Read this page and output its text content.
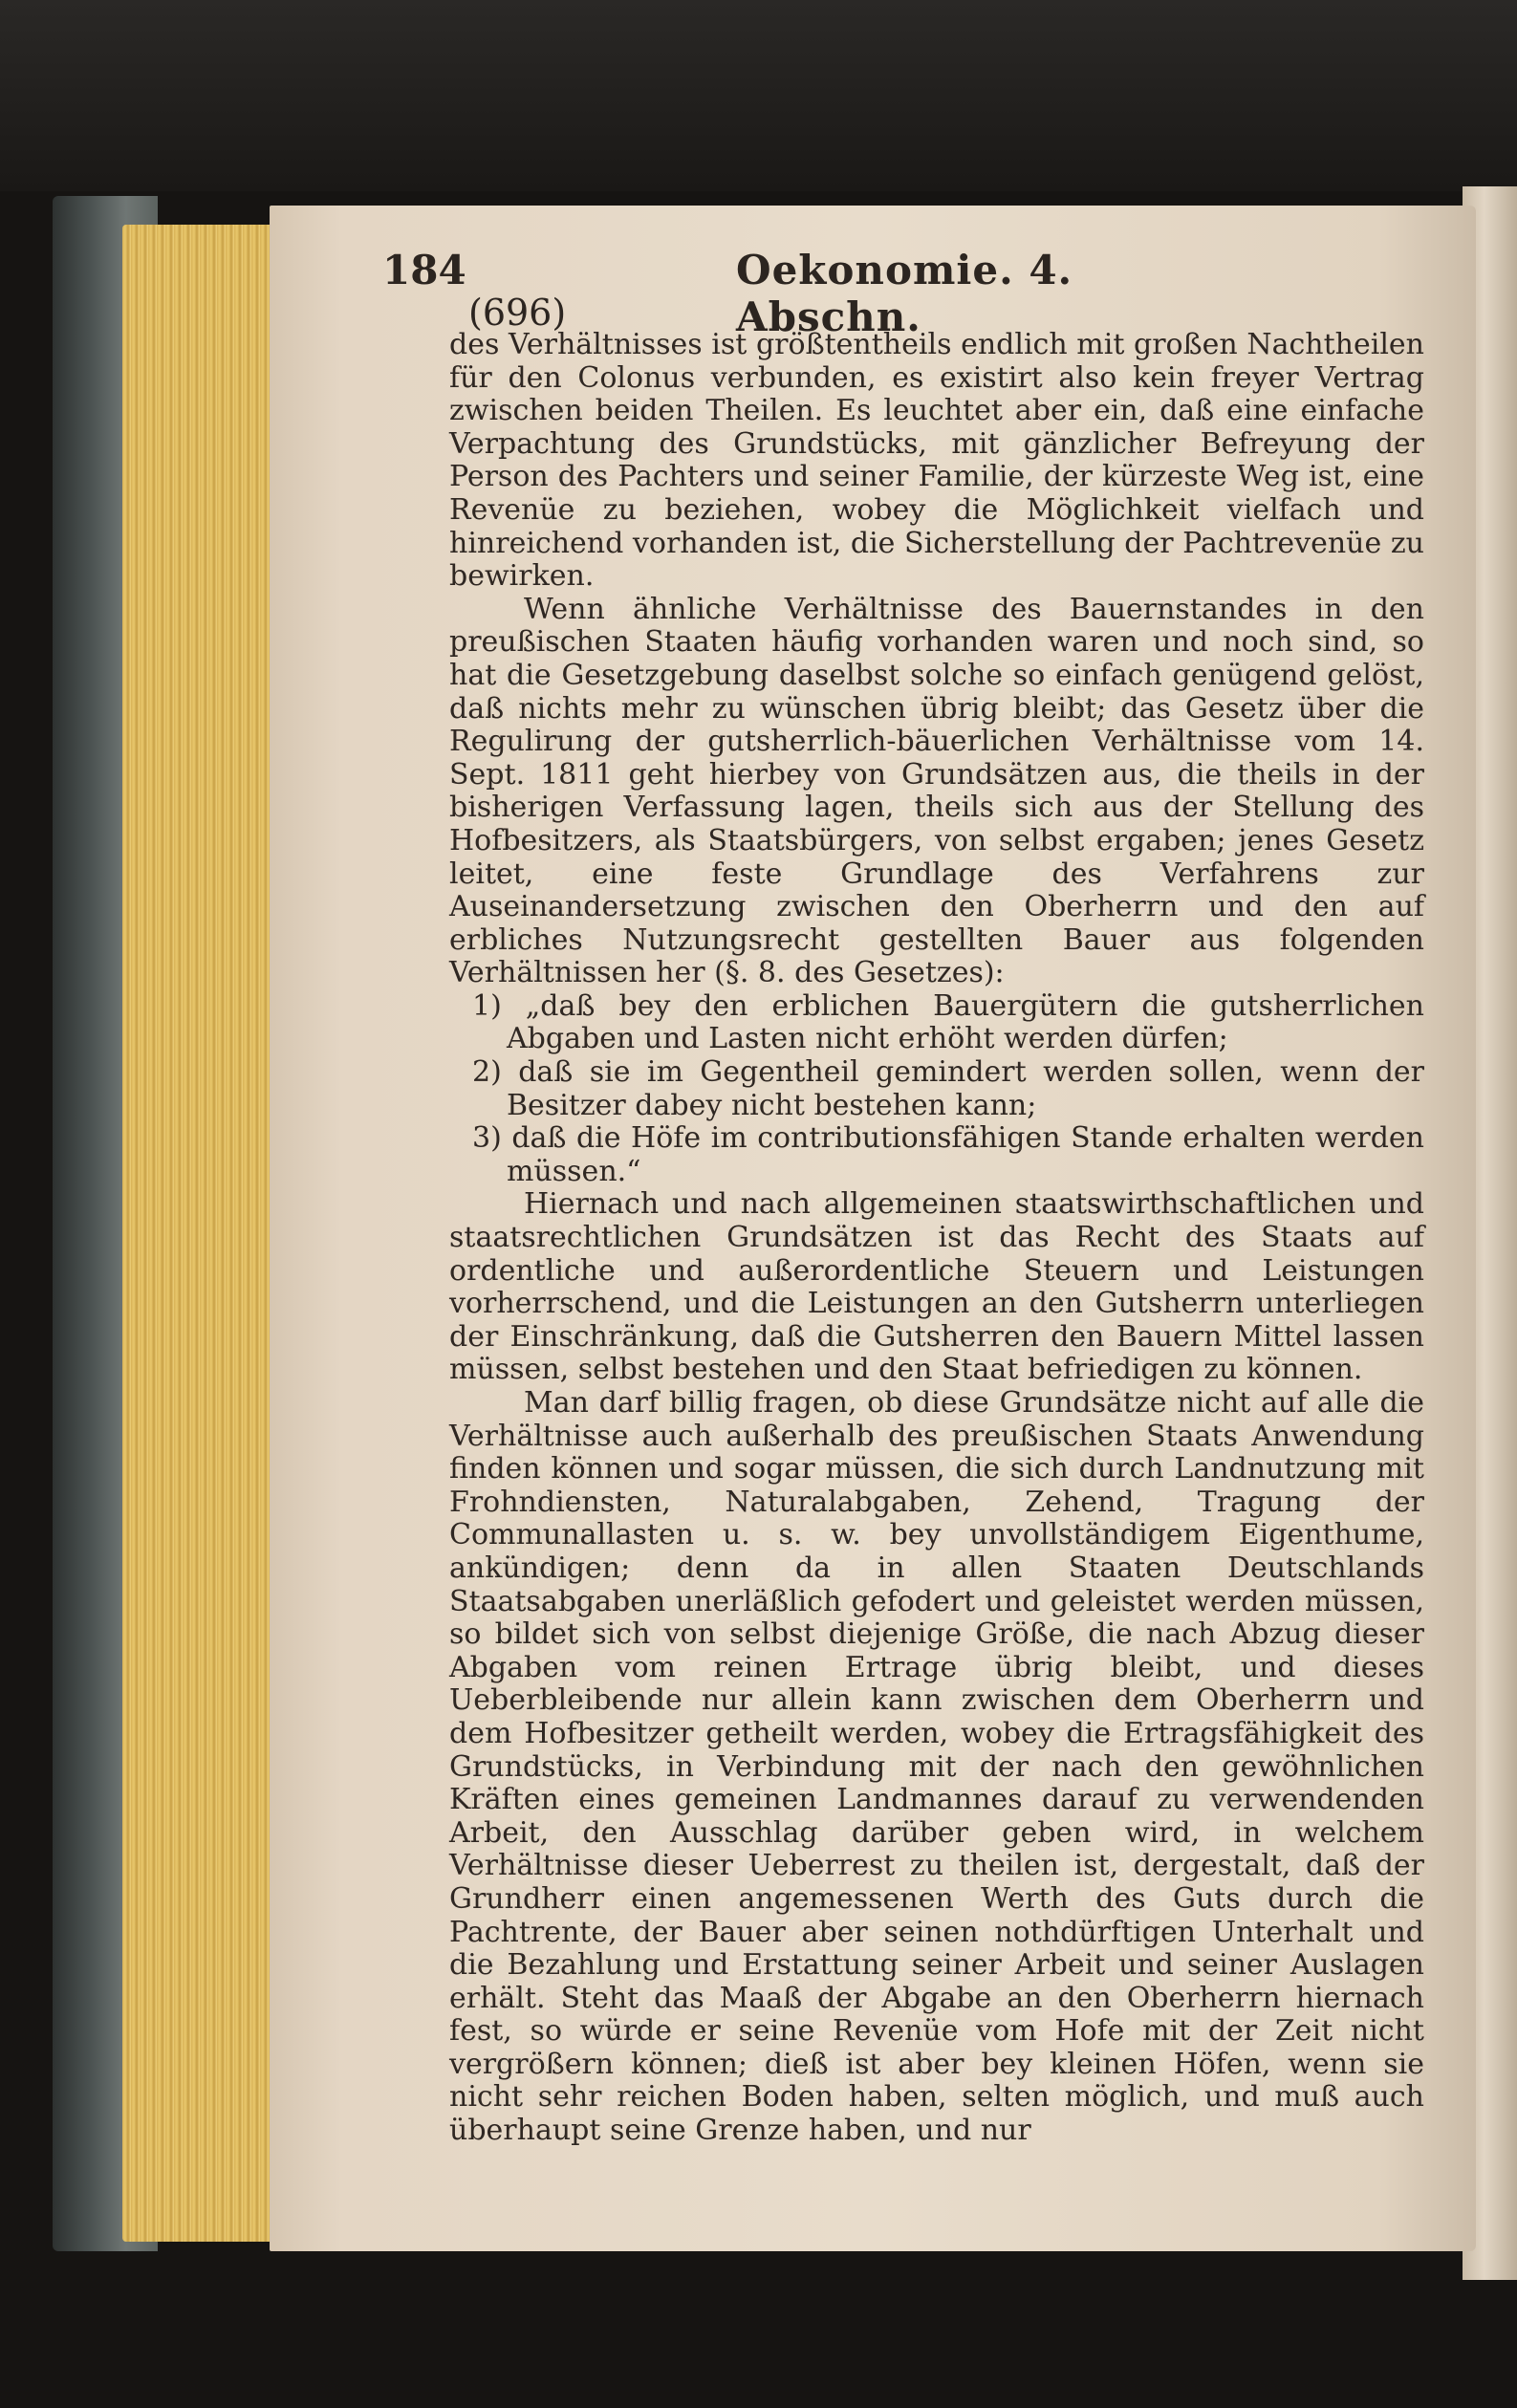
184	Oekonomie. 4. Abschn.
(696)

des Verhältnisses ist größtentheils endlich mit großen Nachtheilen für den Colonus verbunden, es existirt also kein freyer Vertrag zwischen beiden Theilen. Es leuchtet aber ein, daß eine einfache Verpachtung des Grundstücks, mit gänzlicher Befreyung der Person des Pachters und seiner Familie, der kürzeste Weg ist, eine Revenüe zu beziehen, wobey die Möglichkeit vielfach und hinreichend vorhanden ist, die Sicherstellung der Pachtrevenüe zu bewirken.

Wenn ähnliche Verhältnisse des Bauernstandes in den preußischen Staaten häufig vorhanden waren und noch sind, so hat die Gesetzgebung daselbst solche so einfach genügend gelöst, daß nichts mehr zu wünschen übrig bleibt; das Gesetz über die Regulirung der gutsherrlich-bäuerlichen Verhältnisse vom 14. Sept. 1811 geht hierbey von Grundsätzen aus, die theils in der bisherigen Verfassung lagen, theils sich aus der Stellung des Hofbesitzers, als Staatsbürgers, von selbst ergaben; jenes Gesetz leitet, eine feste Grundlage des Verfahrens zur Auseinandersetzung zwischen den Oberherrn und den auf erbliches Nutzungsrecht gestellten Bauer aus folgenden Verhältnissen her (§. 8. des Gesetzes):

1) „daß bey den erblichen Bauergütern die gutsherrlichen Abgaben und Lasten nicht erhöht werden dürfen;

2) daß sie im Gegentheil gemindert werden sollen, wenn der Besitzer dabey nicht bestehen kann;

3) daß die Höfe im contributionsfähigen Stande erhalten werden müssen.“

Hiernach und nach allgemeinen staatswirthschaftlichen und staatsrechtlichen Grundsätzen ist das Recht des Staats auf ordentliche und außerordentliche Steuern und Leistungen vorherrschend, und die Leistungen an den Gutsherrn unterliegen der Einschränkung, daß die Gutsherren den Bauern Mittel lassen müssen, selbst bestehen und den Staat befriedigen zu können.

Man darf billig fragen, ob diese Grundsätze nicht auf alle die Verhältnisse auch außerhalb des preußischen Staats Anwendung finden können und sogar müssen, die sich durch Landnutzung mit Frohndiensten, Naturalabgaben, Zehend, Tragung der Communallasten u. s. w. bey unvollständigem Eigenthume, ankündigen; denn da in allen Staaten Deutschlands Staatsabgaben unerläßlich gefodert und geleistet werden müssen, so bildet sich von selbst diejenige Größe, die nach Abzug dieser Abgaben vom reinen Ertrage übrig bleibt, und dieses Ueberbleibende nur allein kann zwischen dem Oberherrn und dem Hofbesitzer getheilt werden, wobey die Ertragsfähigkeit des Grundstücks, in Verbindung mit der nach den gewöhnlichen Kräften eines gemeinen Landmannes darauf zu verwendenden Arbeit, den Ausschlag darüber geben wird, in welchem Verhältnisse dieser Ueberrest zu theilen ist, dergestalt, daß der Grundherr einen angemessenen Werth des Guts durch die Pachtrente, der Bauer aber seinen nothdürftigen Unterhalt und die Bezahlung und Erstattung seiner Arbeit und seiner Auslagen erhält. Steht das Maaß der Abgabe an den Oberherrn hiernach fest, so würde er seine Revenüe vom Hofe mit der Zeit nicht vergrößern können; dieß ist aber bey kleinen Höfen, wenn sie nicht sehr reichen Boden haben, selten möglich, und muß auch überhaupt seine Grenze haben, und nur
